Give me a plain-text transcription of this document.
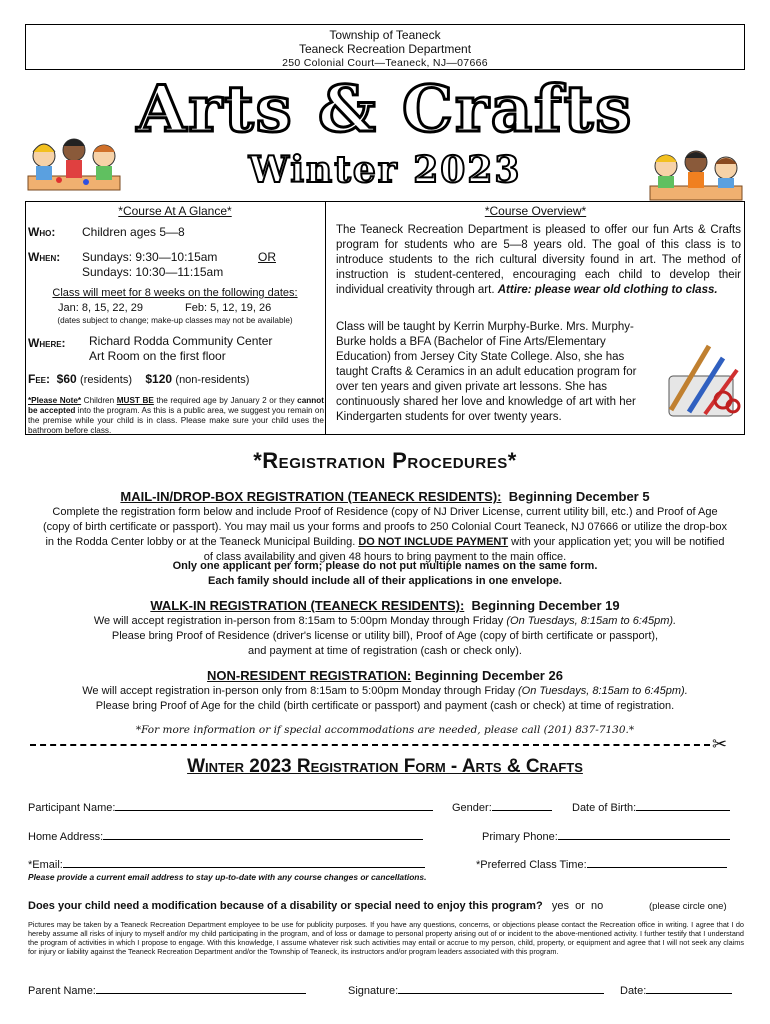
Township of Teaneck
Teaneck Recreation Department
250 Colonial Court—Teaneck, NJ—07666
Arts & Crafts
Winter 2023
*Course At A Glance*
Who: Children ages 5—8
When: Sundays: 9:30—10:15am	OR
Sundays: 10:30—11:15am
Class will meet for 8 weeks on the following dates:
Jan: 8, 15, 22, 29	Feb: 5, 12, 19, 26
(dates subject to change; make-up classes may not be available)
Where: Richard Rodda Community Center
Art Room on the first floor
Fee: $60 (residents) $120 (non-residents)
*Please Note* Children MUST BE the required age by January 2 or they cannot be accepted into the program. As this is a public area, we suggest you remain on the premise while your child is in class. Please make sure your child uses the bathroom before class.
*Course Overview*
The Teaneck Recreation Department is pleased to offer our fun Arts & Crafts program for students who are 5—8 years old. The goal of this class is to introduce students to the rich cultural diversity found in art. The method of instruction is student-centered, encouraging each child to develop their individual creativity through art. Attire: please wear old clothing to class.
Class will be taught by Kerrin Murphy-Burke. Mrs. Murphy-Burke holds a BFA (Bachelor of Fine Arts/Elementary Education) from Jersey City State College. Also, she has taught Crafts & Ceramics in an adult education program for over ten years and given private art lessons. She has continuously shared her love and knowledge of art with her Kindergarten students for over twenty years.
*Registration Procedures*
MAIL-IN/DROP-BOX REGISTRATION (TEANECK RESIDENTS): Beginning December 5
Complete the registration form below and include Proof of Residence (copy of NJ Driver License, current utility bill, etc.) and Proof of Age (copy of birth certificate or passport). You may mail us your forms and proofs to 250 Colonial Court Teaneck, NJ 07666 or utilize the drop-box in the Rodda Center lobby or at the Teaneck Municipal Building. DO NOT INCLUDE PAYMENT with your application yet; you will be notified of class availability and given 48 hours to bring payment to the main office.
Only one applicant per form; please do not put multiple names on the same form.
Each family should include all of their applications in one envelope.
WALK-IN REGISTRATION (TEANECK RESIDENTS): Beginning December 19
We will accept registration in-person from 8:15am to 5:00pm Monday through Friday (On Tuesdays, 8:15am to 6:45pm).
Please bring Proof of Residence (driver's license or utility bill), Proof of Age (copy of birth certificate or passport),
and payment at time of registration (cash or check only).
NON-RESIDENT REGISTRATION: Beginning December 26
We will accept registration in-person only from 8:15am to 5:00pm Monday through Friday (On Tuesdays, 8:15am to 6:45pm).
Please bring Proof of Age for the child (birth certificate or passport) and payment (cash or check) at time of registration.
*For more information or if special accommodations are needed, please call (201) 837-7130.*
✂
Winter 2023 Registration Form - Arts & Crafts
Participant Name:	Gender:	Date of Birth:
Home Address:	Primary Phone:
*Email:	*Preferred Class Time:
Please provide a current email address to stay up-to-date with any course changes or cancellations.
Does your child need a modification because of a disability or special need to enjoy this program? yes or no	(please circle one)
Pictures may be taken by a Teaneck Recreation Department employee to be use for publicity purposes. If you have any questions, concerns, or objections please contact the Recreation office in writing. I agree that I do hereby assume all risks of injury to myself and/or my child participating in the program, and of loss or damage to personal property arising out of or incident to the above-mentioned activity. I further testify that I understand the program of activities in which I propose to engage. With this knowledge, I assume whatever risk such activities may entail or accrue to my person, child, property, or equipment and agree that I will not seek any claims for injury or liability against the Teaneck Recreation Department and/or the Township of Teaneck, its instructors and/or program leaders associated with this program.
Parent Name:	Signature:	Date:
